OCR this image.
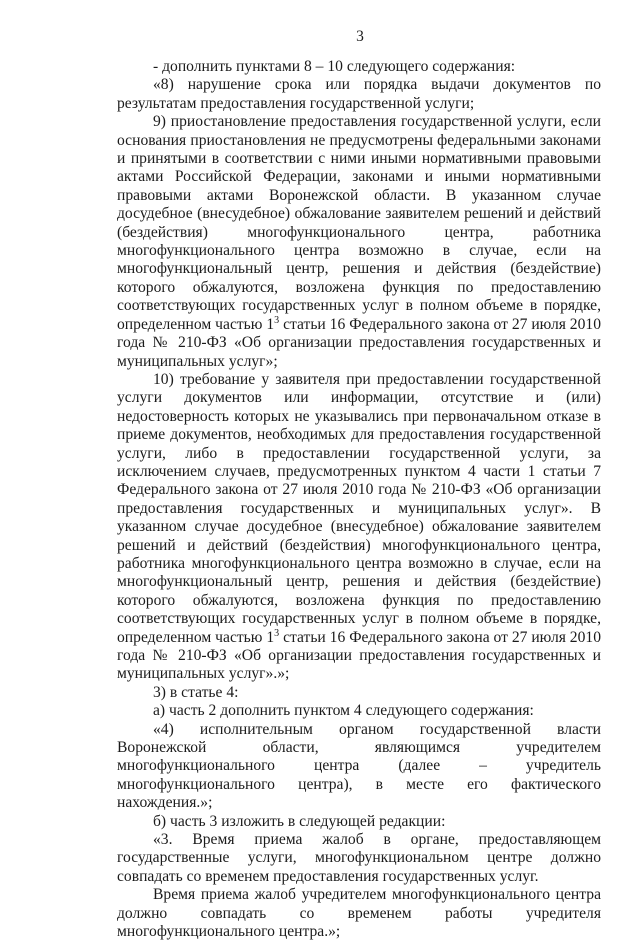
3

- дополнить пунктами 8 – 10 следующего содержания:

«8) нарушение срока или порядка выдачи документов по результатам предоставления государственной услуги;

9) приостановление предоставления государственной услуги, если основания приостановления не предусмотрены федеральными законами и принятыми в соответствии с ними иными нормативными правовыми актами Российской Федерации, законами и иными нормативными правовыми актами Воронежской области. В указанном случае досудебное (внесудебное) обжалование заявителем решений и действий (бездействия) многофункционального центра, работника многофункционального центра возможно в случае, если на многофункциональный центр, решения и действия (бездействие) которого обжалуются, возложена функция по предоставлению соответствующих государственных услуг в полном объеме в порядке, определенном частью $1^3$ статьи 16 Федерального закона от 27 июля 2010 года № 210-ФЗ «Об организации предоставления государственных и муниципальных услуг»;

10) требование у заявителя при предоставлении государственной услуги документов или информации, отсутствие и (или) недостоверность которых не указывались при первоначальном отказе в приеме документов, необходимых для предоставления государственной услуги, либо в предоставлении государственной услуги, за исключением случаев, предусмотренных пунктом 4 части 1 статьи 7 Федерального закона от 27 июля 2010 года № 210-ФЗ «Об организации предоставления государственных и муниципальных услуг». В указанном случае досудебное (внесудебное) обжалование заявителем решений и действий (бездействия) многофункционального центра, работника многофункционального центра возможно в случае, если на многофункциональный центр, решения и действия (бездействие) которого обжалуются, возложена функция по предоставлению соответствующих государственных услуг в полном объеме в порядке, определенном частью $1^3$ статьи 16 Федерального закона от 27 июля 2010 года № 210-ФЗ «Об организации предоставления государственных и муниципальных услуг».»;

3) в статье 4:

а) часть 2 дополнить пунктом 4 следующего содержания:

«4) исполнительным органом государственной власти Воронежской области, являющимся учредителем многофункционального центра (далее – учредитель многофункционального центра), в месте его фактического нахождения.»;

б) часть 3 изложить в следующей редакции:

«3. Время приема жалоб в органе, предоставляющем государственные услуги, многофункциональном центре должно совпадать со временем предоставления государственных услуг.

Время приема жалоб учредителем многофункционального центра должно совпадать со временем работы учредителя многофункционального центра.»;
